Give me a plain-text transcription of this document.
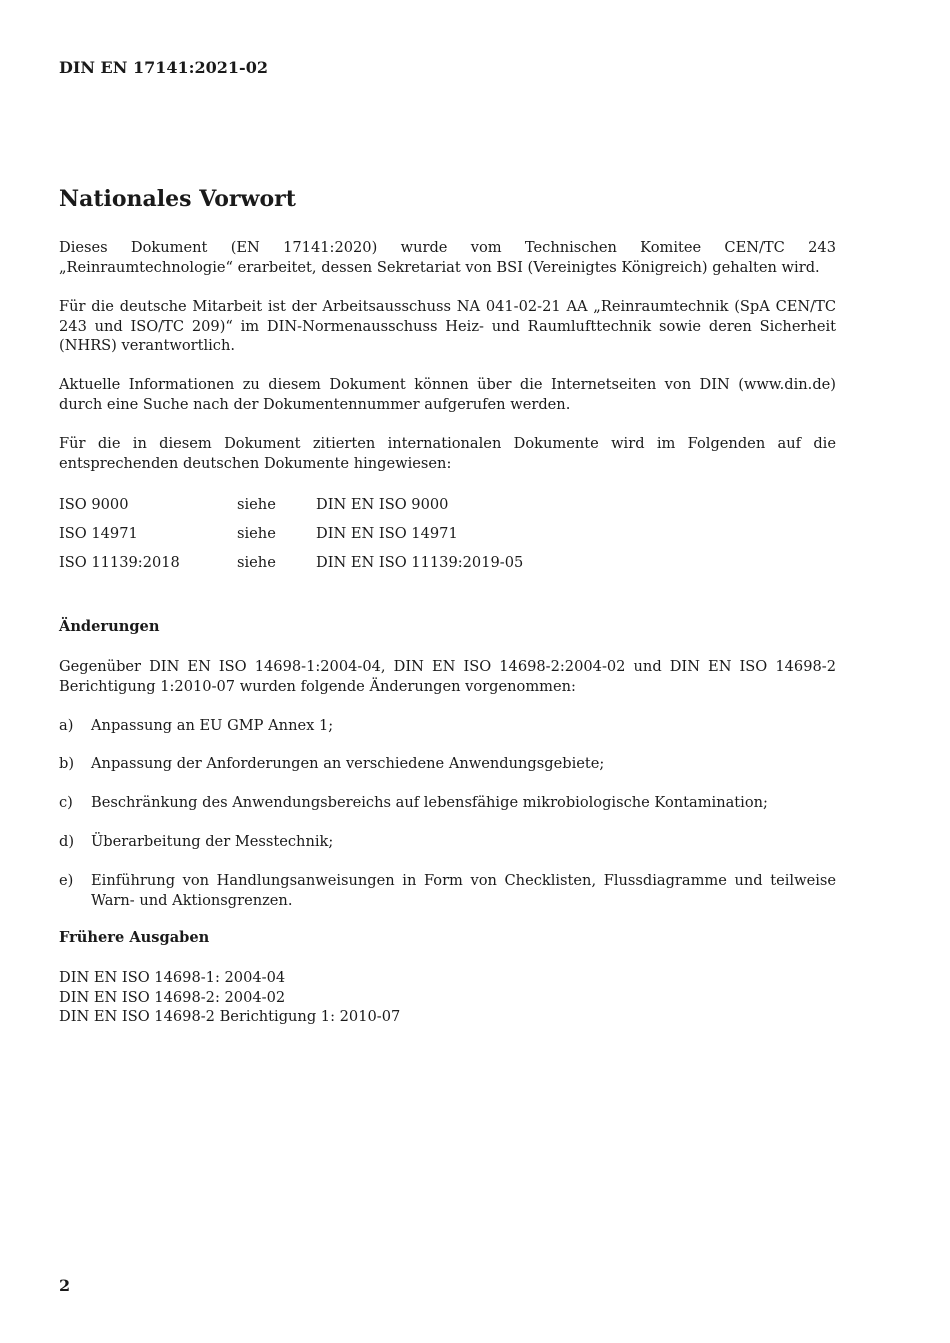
DIN EN 17141:2021-02
Nationales Vorwort

Dieses Dokument (EN 17141:2020) wurde vom Technischen Komitee CEN/TC 243 „Reinraumtechnologie“ erarbeitet, dessen Sekretariat von BSI (Vereinigtes Königreich) gehalten wird.

Für die deutsche Mitarbeit ist der Arbeitsausschuss NA 041-02-21 AA „Reinraumtechnik (SpA CEN/TC 243 und ISO/TC 209)“ im DIN-Normenausschuss Heiz- und Raumlufttechnik sowie deren Sicherheit (NHRS) verantwortlich.

Aktuelle Informationen zu diesem Dokument können über die Internetseiten von DIN (www.din.de) durch eine Suche nach der Dokumentennummer aufgerufen werden.

Für die in diesem Dokument zitierten internationalen Dokumente wird im Folgenden auf die entsprechenden deutschen Dokumente hingewiesen:

ISO 9000	siehe	DIN EN ISO 9000
ISO 14971	siehe	DIN EN ISO 14971
ISO 11139:2018	siehe	DIN EN ISO 11139:2019-05
Änderungen

Gegenüber DIN EN ISO 14698-1:2004-04, DIN EN ISO 14698-2:2004-02 und DIN EN ISO 14698-2 Berichtigung 1:2010-07 wurden folgende Änderungen vorgenommen:

a) Anpassung an EU GMP Annex 1;
b) Anpassung der Anforderungen an verschiedene Anwendungsgebiete;
c) Beschränkung des Anwendungsbereichs auf lebensfähige mikrobiologische Kontamination;
d) Überarbeitung der Messtechnik;
e) Einführung von Handlungsanweisungen in Form von Checklisten, Flussdiagramme und teilweise Warn- und Aktionsgrenzen.
Frühere Ausgaben
DIN EN ISO 14698-1: 2004-04
DIN EN ISO 14698-2: 2004-02
DIN EN ISO 14698-2 Berichtigung 1: 2010-07
2
